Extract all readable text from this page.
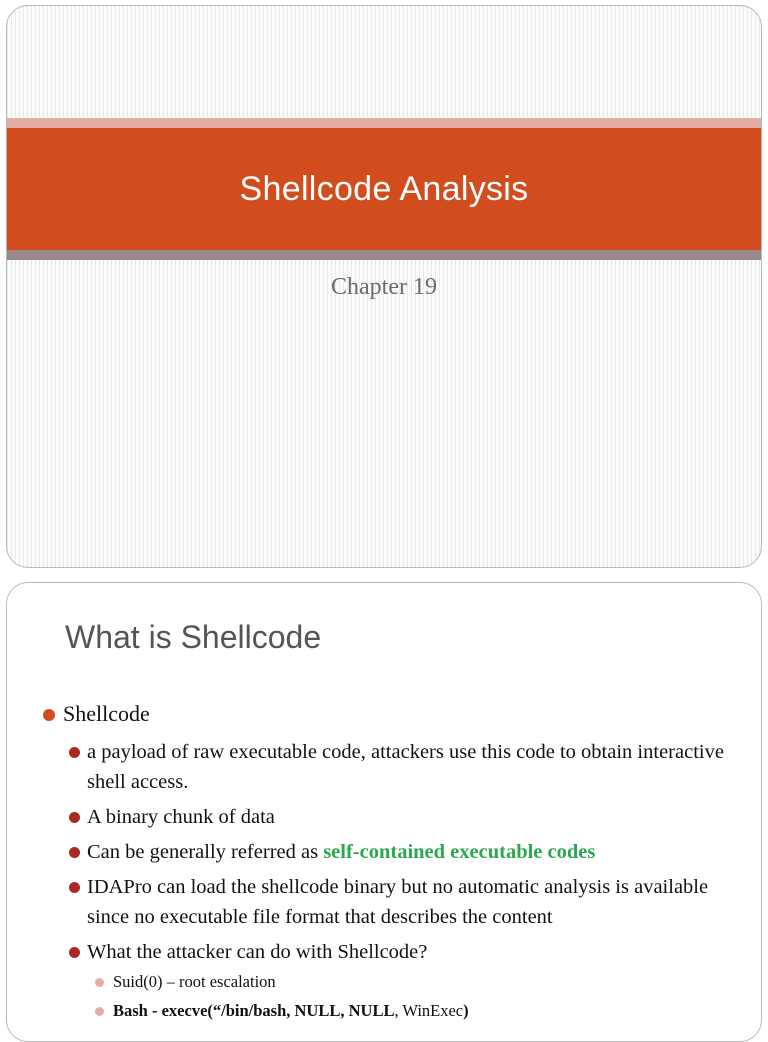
Shellcode Analysis
Chapter 19
What is Shellcode
Shellcode
a payload of raw executable code, attackers use this code to obtain interactive shell access.
A binary chunk of data
Can be generally referred as self-contained executable codes
IDAPro can load the shellcode binary but no automatic analysis is available since no executable file format that describes the content
What the attacker can do with Shellcode?
Suid(0) – root escalation
Bash - execve(“/bin/bash, NULL, NULL, WinExec)
